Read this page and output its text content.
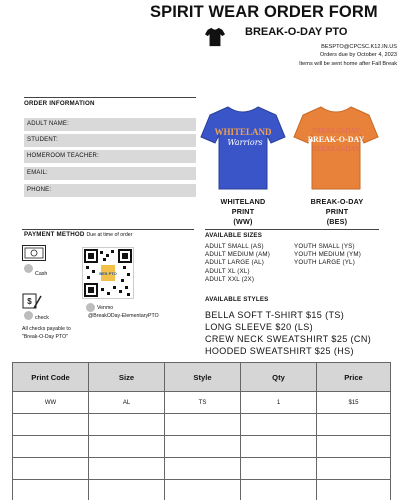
SPIRIT WEAR ORDER FORM
BREAK-O-DAY PTO
BESPTO@CPCSC.K12.IN.US
Orders due by October 4, 2023
Items will be sent home after Fall Break
ORDER INFORMATION
ADULT NAME:
STUDENT:
HOMEROOM TEACHER:
EMAIL:
PHONE:
WHITELAND
Warriors
BREAK-O-DAY
BREAK-O-DAY
BREAK-O-DAY
WHITELAND
PRINT
(WW)
BREAK-O-DAY
PRINT
(BES)
PAYMENT METHOD Due at time of order
Cash	BES PTO
$
check
Venmo
@BreakODay-ElementaryPTO
All checks payable to
"Break-O-Day PTO"
AVAILABLE SIZES
ADULT SMALL (AS)
ADULT MEDIUM (AM)
ADULT LARGE (AL)
ADULT XL (XL)
ADULT XXL (2X)
YOUTH SMALL (YS)
YOUTH MEDIUM (YM)
YOUTH LARGE (YL)
AVAILABLE STYLES
BELLA SOFT T-SHIRT $15 (TS)
LONG SLEEVE $20 (LS)
CREW NECK SWEATSHIRT $25 (CN)
HOODED SWEATSHIRT $25 (HS)
Print Code	Size	Style	Qty	Price
WW	AL	TS	1	$15
